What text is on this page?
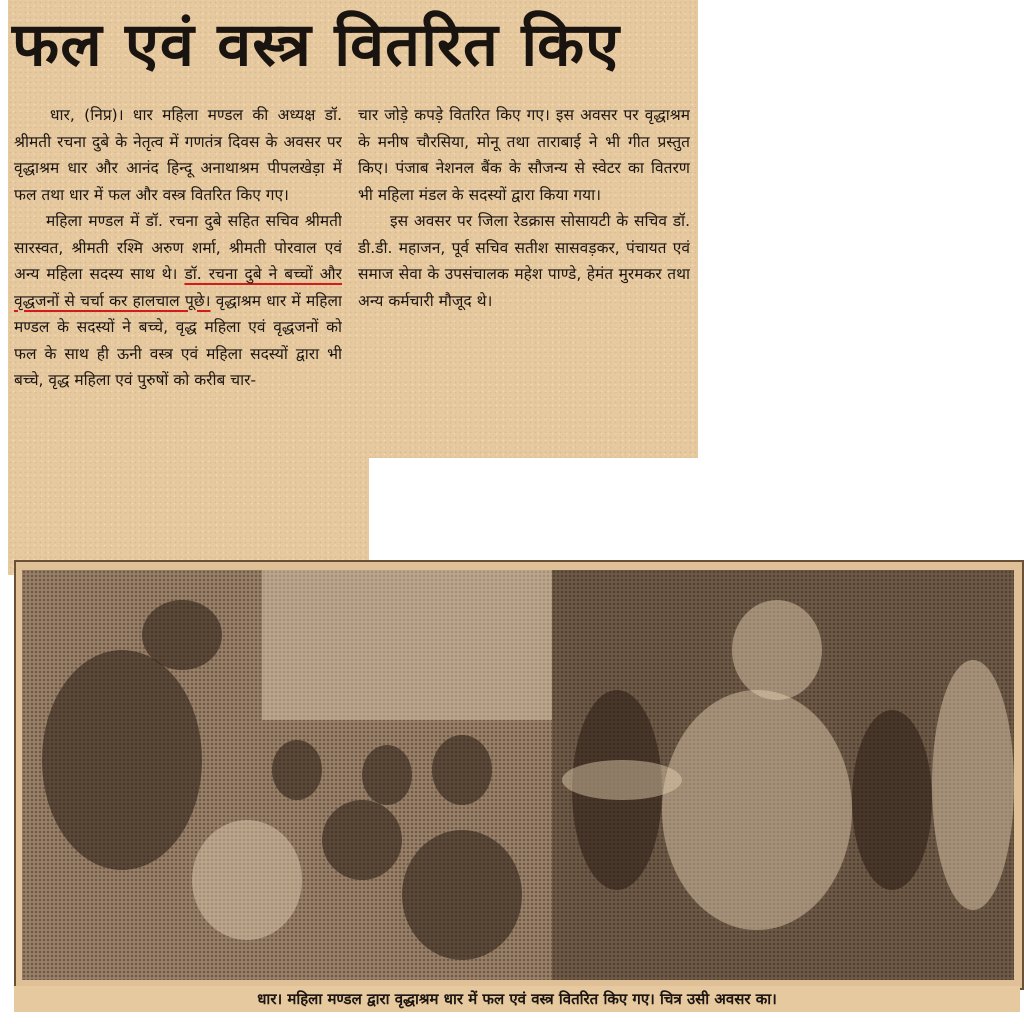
फल एवं वस्त्र वितरित किए

धार, (निप्र)। धार महिला मण्डल की अध्यक्ष डॉ. श्रीमती रचना दुबे के नेतृत्व में गणतंत्र दिवस के अवसर पर वृद्धाश्रम धार और आनंद हिन्दू अनाथाश्रम पीपलखेड़ा में फल तथा धार में फल और वस्त्र वितरित किए गए।

महिला मण्डल में डॉ. रचना दुबे सहित सचिव श्रीमती सारस्वत, श्रीमती रश्मि अरुण शर्मा, श्रीमती पोरवाल एवं अन्य महिला सदस्य साथ थे। डॉ. रचना दुबे ने बच्चों और वृद्धजनों से चर्चा कर हालचाल पूछे। वृद्धाश्रम धार में महिला मण्डल के सदस्यों ने बच्चे, वृद्ध महिला एवं वृद्धजनों को फल के साथ ही ऊनी वस्त्र एवं महिला सदस्यों द्वारा भी बच्चे, वृद्ध महिला एवं पुरुषों को करीब चार-

चार जोड़े कपड़े वितरित किए गए। इस अवसर पर वृद्धाश्रम के मनीष चौरसिया, मोनू तथा ताराबाई ने भी गीत प्रस्तुत किए। पंजाब नेशनल बैंक के सौजन्य से स्वेटर का वितरण भी महिला मंडल के सदस्यों द्वारा किया गया।

इस अवसर पर जिला रेडक्रास सोसायटी के सचिव डॉ. डी.डी. महाजन, पूर्व सचिव सतीश सासवड़कर, पंचायत एवं समाज सेवा के उपसंचालक महेश पाण्डे, हेमंत मुरमकर तथा अन्य कर्मचारी मौजूद थे।

धार। महिला मण्डल द्वारा वृद्धाश्रम धार में फल एवं वस्त्र वितरित किए गए। चित्र उसी अवसर का।
